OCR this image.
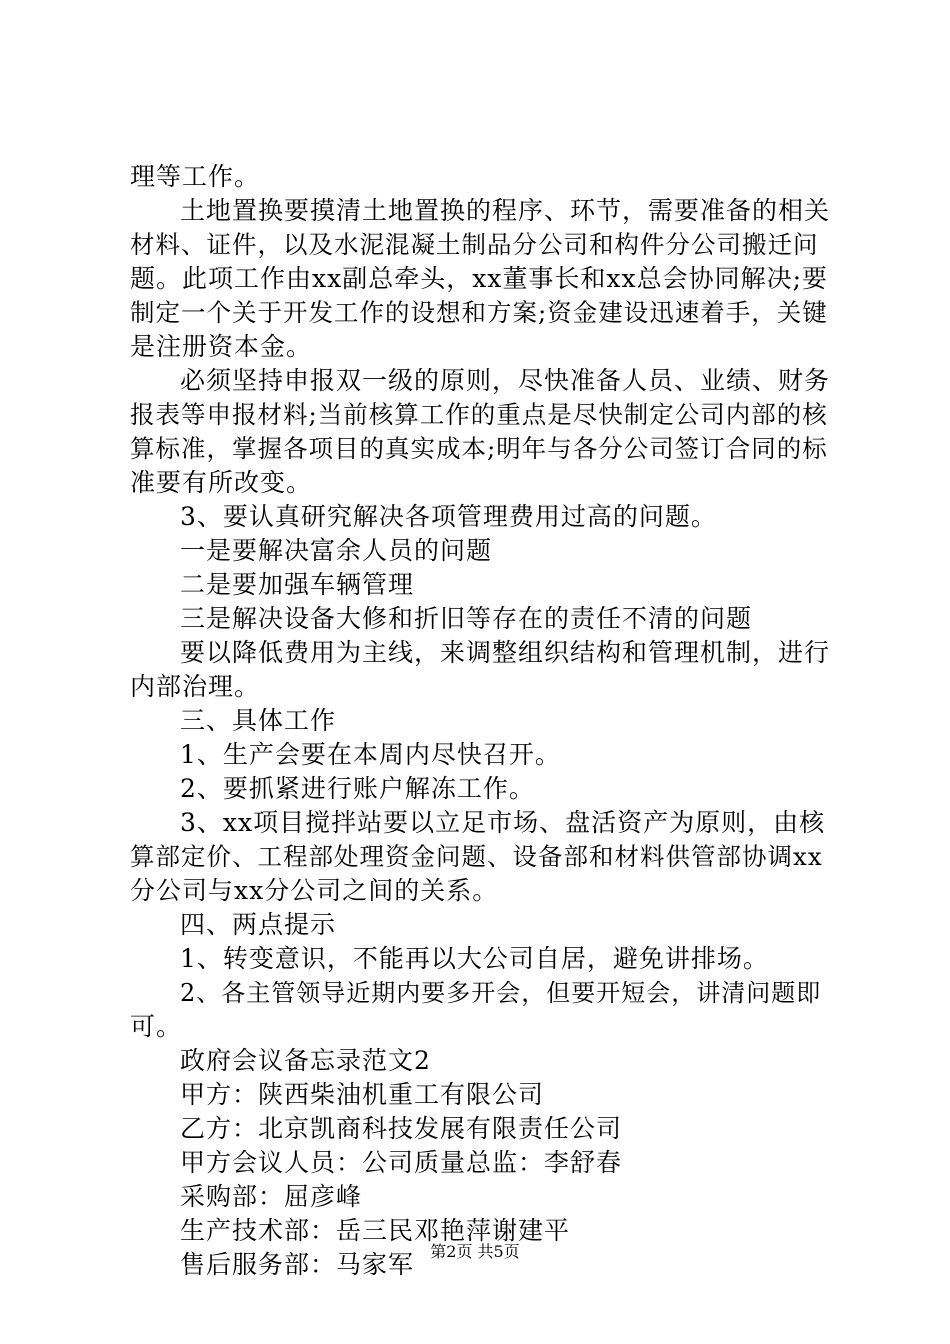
理等工作。
土地置换要摸清土地置换的程序、环节，需要准备的相关
材料、证件，以及水泥混凝土制品分公司和构件分公司搬迁问
题。此项工作由xx副总牵头，xx董事长和xx总会协同解决;要
制定一个关于开发工作的设想和方案;资金建设迅速着手，关键
是注册资本金。
必须坚持申报双一级的原则，尽快准备人员、业绩、财务
报表等申报材料;当前核算工作的重点是尽快制定公司内部的核
算标准，掌握各项目的真实成本;明年与各分公司签订合同的标
准要有所改变。
3、要认真研究解决各项管理费用过高的问题。
一是要解决富余人员的问题
二是要加强车辆管理
三是解决设备大修和折旧等存在的责任不清的问题
要以降低费用为主线，来调整组织结构和管理机制，进行
内部治理。
三、具体工作
1、生产会要在本周内尽快召开。
2、要抓紧进行账户解冻工作。
3、xx项目搅拌站要以立足市场、盘活资产为原则，由核
算部定价、工程部处理资金问题、设备部和材料供管部协调xx
分公司与xx分公司之间的关系。
四、两点提示
1、转变意识，不能再以大公司自居，避免讲排场。
2、各主管领导近期内要多开会，但要开短会，讲清问题即
可。
政府会议备忘录范文2
甲方：陕西柴油机重工有限公司
乙方：北京凯商科技发展有限责任公司
甲方会议人员：公司质量总监：李舒春
采购部：屈彦峰
生产技术部：岳三民邓艳萍谢建平
售后服务部：马家军	第2页 共5页
